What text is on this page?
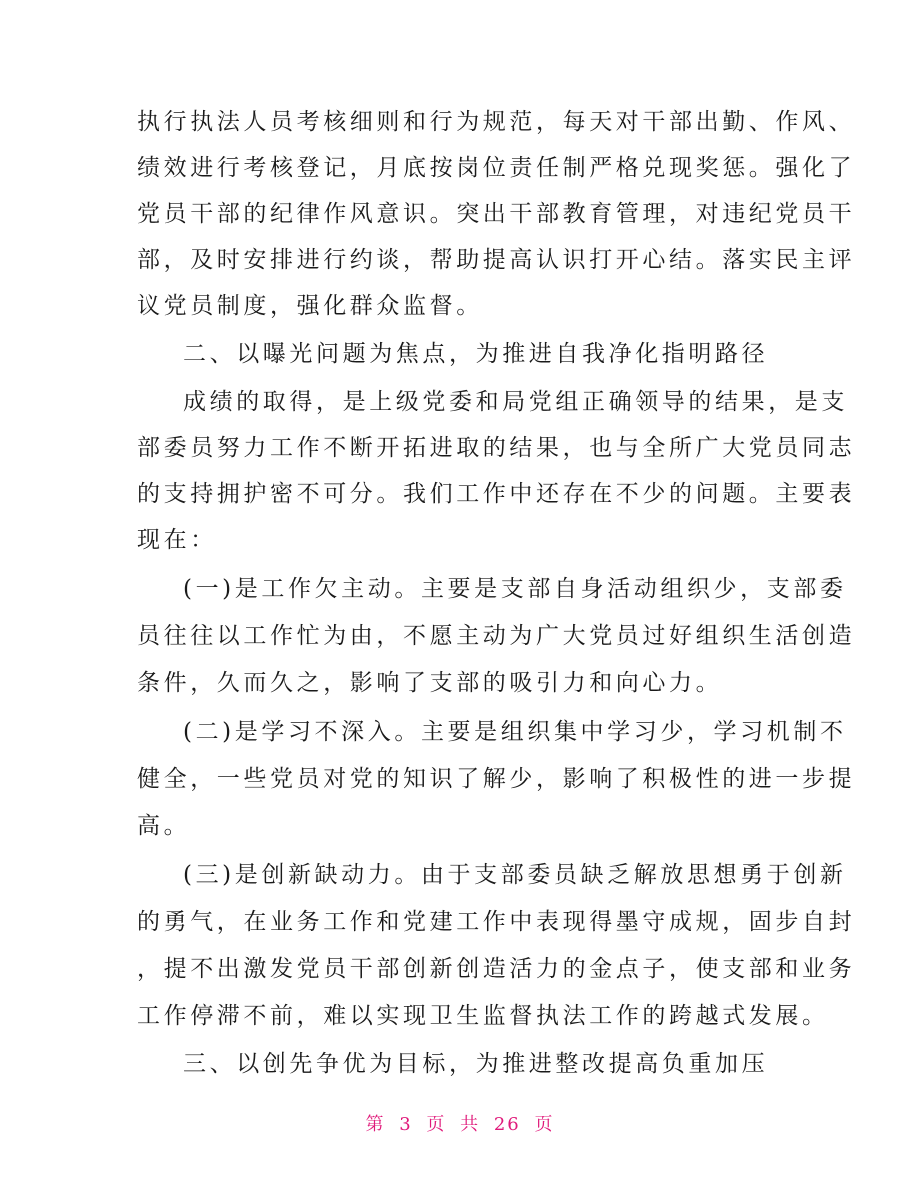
执行执法人员考核细则和行为规范，每天对干部出勤、作风、
绩效进行考核登记，月底按岗位责任制严格兑现奖惩。强化了
党员干部的纪律作风意识。突出干部教育管理，对违纪党员干
部，及时安排进行约谈，帮助提高认识打开心结。落实民主评
议党员制度，强化群众监督。
二、以曝光问题为焦点，为推进自我净化指明路径
成绩的取得，是上级党委和局党组正确领导的结果，是支
部委员努力工作不断开拓进取的结果，也与全所广大党员同志
的支持拥护密不可分。我们工作中还存在不少的问题。主要表
现在：
(一)是工作欠主动。主要是支部自身活动组织少，支部委
员往往以工作忙为由，不愿主动为广大党员过好组织生活创造
条件，久而久之，影响了支部的吸引力和向心力。
(二)是学习不深入。主要是组织集中学习少，学习机制不
健全，一些党员对党的知识了解少，影响了积极性的进一步提
高。
(三)是创新缺动力。由于支部委员缺乏解放思想勇于创新
的勇气，在业务工作和党建工作中表现得墨守成规，固步自封
，提不出激发党员干部创新创造活力的金点子，使支部和业务
工作停滞不前，难以实现卫生监督执法工作的跨越式发展。
三、以创先争优为目标，为推进整改提高负重加压
第 3 页 共 26 页
